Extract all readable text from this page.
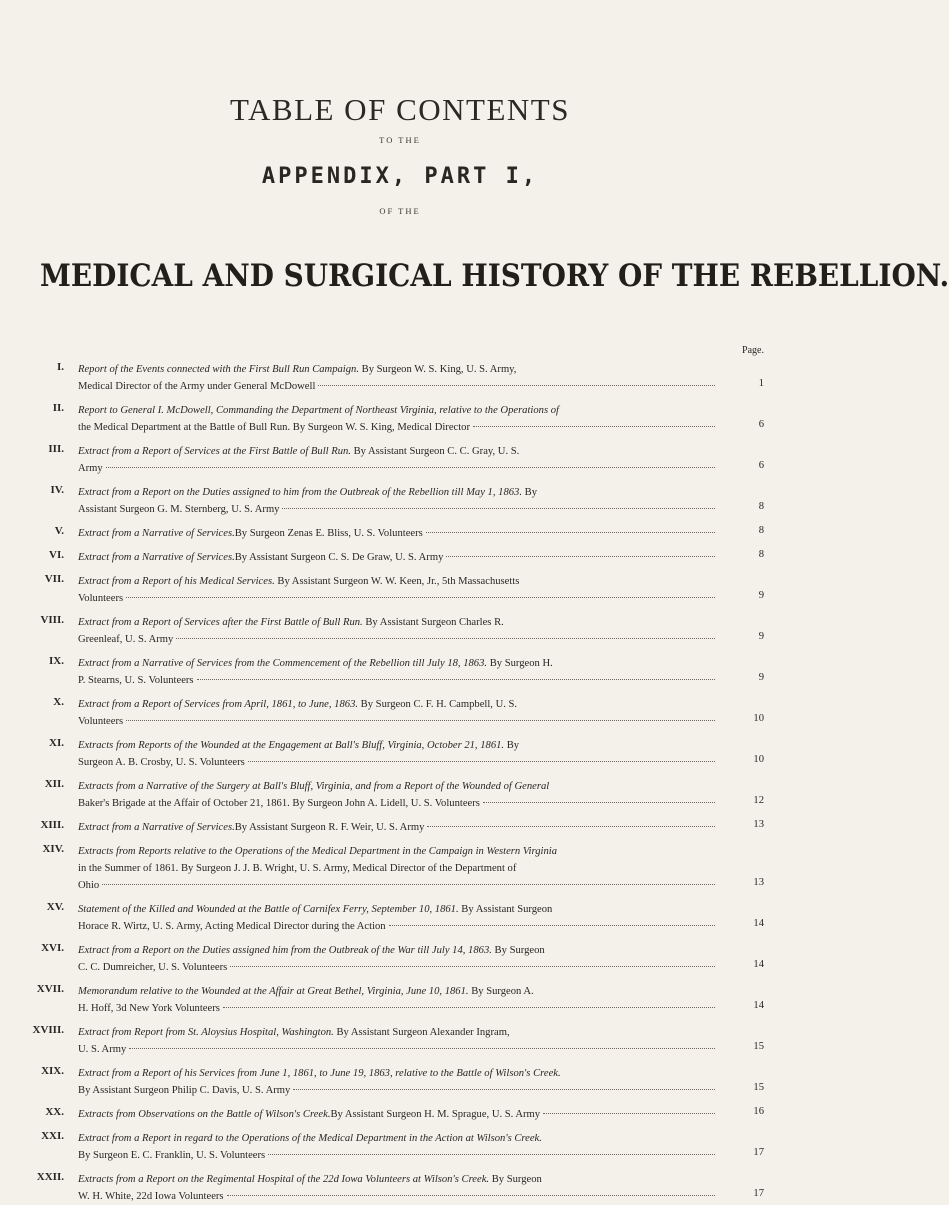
TABLE OF CONTENTS
TO THE
APPENDIX, PART I,
OF THE
MEDICAL AND SURGICAL HISTORY OF THE REBELLION.
Page.
I. Report of the Events connected with the First Bull Run Campaign. By Surgeon W. S. King, U. S. Army,
Medical Director of the Army under General McDowell	1
II. Report to General I. McDowell, Commanding the Department of Northeast Virginia, relative to the Operations of
the Medical Department at the Battle of Bull Run. By Surgeon W. S. King, Medical Director	6
III. Extract from a Report of Services at the First Battle of Bull Run. By Assistant Surgeon C. C. Gray, U. S.
Army	6
IV. Extract from a Report on the Duties assigned to him from the Outbreak of the Rebellion till May 1, 1863. By
Assistant Surgeon G. M. Sternberg, U. S. Army	8
V. Extract from a Narrative of Services. By Surgeon Zenas E. Bliss, U. S. Volunteers	8
VI. Extract from a Narrative of Services. By Assistant Surgeon C. S. De Graw, U. S. Army	8
VII. Extract from a Report of his Medical Services. By Assistant Surgeon W. W. Keen, Jr., 5th Massachusetts
Volunteers	9
VIII. Extract from a Report of Services after the First Battle of Bull Run. By Assistant Surgeon Charles R.
Greenleaf, U. S. Army	9
IX. Extract from a Narrative of Services from the Commencement of the Rebellion till July 18, 1863. By Surgeon H.
P. Stearns, U. S. Volunteers	9
X. Extract from a Report of Services from April, 1861, to June, 1863. By Surgeon C. F. H. Campbell, U. S.
Volunteers	10
XI. Extracts from Reports of the Wounded at the Engagement at Ball's Bluff, Virginia, October 21, 1861. By
Surgeon A. B. Crosby, U. S. Volunteers	10
XII. Extracts from a Narrative of the Surgery at Ball's Bluff, Virginia, and from a Report of the Wounded of General
Baker's Brigade at the Affair of October 21, 1861. By Surgeon John A. Lidell, U. S. Volunteers	12
XIII. Extract from a Narrative of Services. By Assistant Surgeon R. F. Weir, U. S. Army	13
XIV. Extracts from Reports relative to the Operations of the Medical Department in the Campaign in Western Virginia
in the Summer of 1861. By Surgeon J. J. B. Wright, U. S. Army, Medical Director of the Department of
Ohio	13
XV. Statement of the Killed and Wounded at the Battle of Carnifex Ferry, September 10, 1861. By Assistant Surgeon
Horace R. Wirtz, U. S. Army, Acting Medical Director during the Action	14
XVI. Extract from a Report on the Duties assigned him from the Outbreak of the War till July 14, 1863. By Surgeon
C. C. Dumreicher, U. S. Volunteers	14
XVII. Memorandum relative to the Wounded at the Affair at Great Bethel, Virginia, June 10, 1861. By Surgeon A.
H. Hoff, 3d New York Volunteers	14
XVIII. Extract from Report from St. Aloysius Hospital, Washington. By Assistant Surgeon Alexander Ingram,
U. S. Army	15
XIX. Extract from a Report of his Services from June 1, 1861, to June 19, 1863, relative to the Battle of Wilson's Creek.
By Assistant Surgeon Philip C. Davis, U. S. Army	15
XX. Extracts from Observations on the Battle of Wilson's Creek. By Assistant Surgeon H. M. Sprague, U. S. Army	16
XXI. Extract from a Report in regard to the Operations of the Medical Department in the Action at Wilson's Creek.
By Surgeon E. C. Franklin, U. S. Volunteers	17
XXII. Extracts from a Report on the Regimental Hospital of the 22d Iowa Volunteers at Wilson's Creek. By Surgeon
W. H. White, 22d Iowa Volunteers	17
